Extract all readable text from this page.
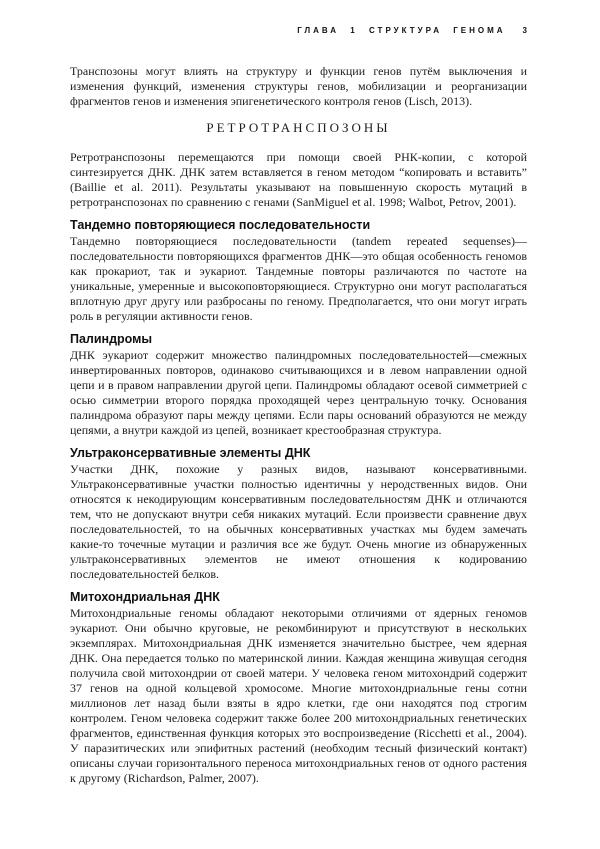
ГЛАВА 1 СТРУКТУРА ГЕНОМА 3

Транспозоны могут влиять на структуру и функции генов путём выключения и изменения функций, изменения структуры генов, мобилизации и реорганизации фрагментов генов и изменения эпигенетического контроля генов (Lisch, 2013).

РЕТРОТРАНСПОЗОНЫ

Ретротранспозоны перемещаются при помощи своей РНК-копии, с которой синтезируется ДНК. ДНК затем вставляется в геном методом “копировать и вставить” (Baillie et al. 2011). Результаты указывают на повышенную скорость мутаций в ретротранспозонах по сравнению с генами (SanMiguel et al. 1998; Walbot, Petrov, 2001).

Тандемно повторяющиеся последовательности

Тандемно повторяющиеся последовательности (tandem repeated sequenses)—последовательности повторяющихся фрагментов ДНК—это общая особенность геномов как прокариот, так и эукариот. Тандемные повторы различаются по частоте на уникальные, умеренные и высокоповторяющиеся. Структурно они могут располагаться вплотную друг другу или разбросаны по геному. Предполагается, что они могут играть роль в регуляции активности генов.

Палиндромы

ДНК эукариот содержит множество палиндромных последовательностей—смежных инвертированных повторов, одинаково считывающихся и в левом направлении одной цепи и в правом направлении другой цепи. Палиндромы обладают осевой симметрией с осью симметрии второго порядка проходящей через центральную точку. Основания палиндрома образуют пары между цепями. Если пары оснований образуются не между цепями, а внутри каждой из цепей, возникает крестообразная структура.

Ультраконсервативные элементы ДНК

Участки ДНК, похожие у разных видов, называют консервативными. Ультраконсервативные участки полностью идентичны у неродственных видов. Они относятся к некодирующим консервативным последовательностям ДНК и отличаются тем, что не допускают внутри себя никаких мутаций. Если произвести сравнение двух последовательностей, то на обычных консервативных участках мы будем замечать какие-то точечные мутации и различия все же будут. Очень многие из обнаруженных ультраконсервативных элементов не имеют отношения к кодированию последовательностей белков.

Митохондриальная ДНК

Митохондриальные геномы обладают некоторыми отличиями от ядерных геномов эукариот. Они обычно круговые, не рекомбинируют и присутствуют в нескольких экземплярах. Митохондриальная ДНК изменяется значительно быстрее, чем ядерная ДНК. Она передается только по материнской линии. Каждая женщина живущая сегодня получила свой митохондрии от своей матери. У человека геном митохондрий содержит 37 генов на одной кольцевой хромосоме. Многие митохондриальные гены сотни миллионов лет назад были взяты в ядро клетки, где они находятся под строгим контролем. Геном человека содержит также более 200 митохондриальных генетических фрагментов, единственная функция которых это воспроизведение (Ricchetti et al., 2004). У паразитических или эпифитных растений (необходим тесный физический контакт) описаны случаи горизонтального переноса митохондриальных генов от одного растения к другому (Richardson, Palmer, 2007).
